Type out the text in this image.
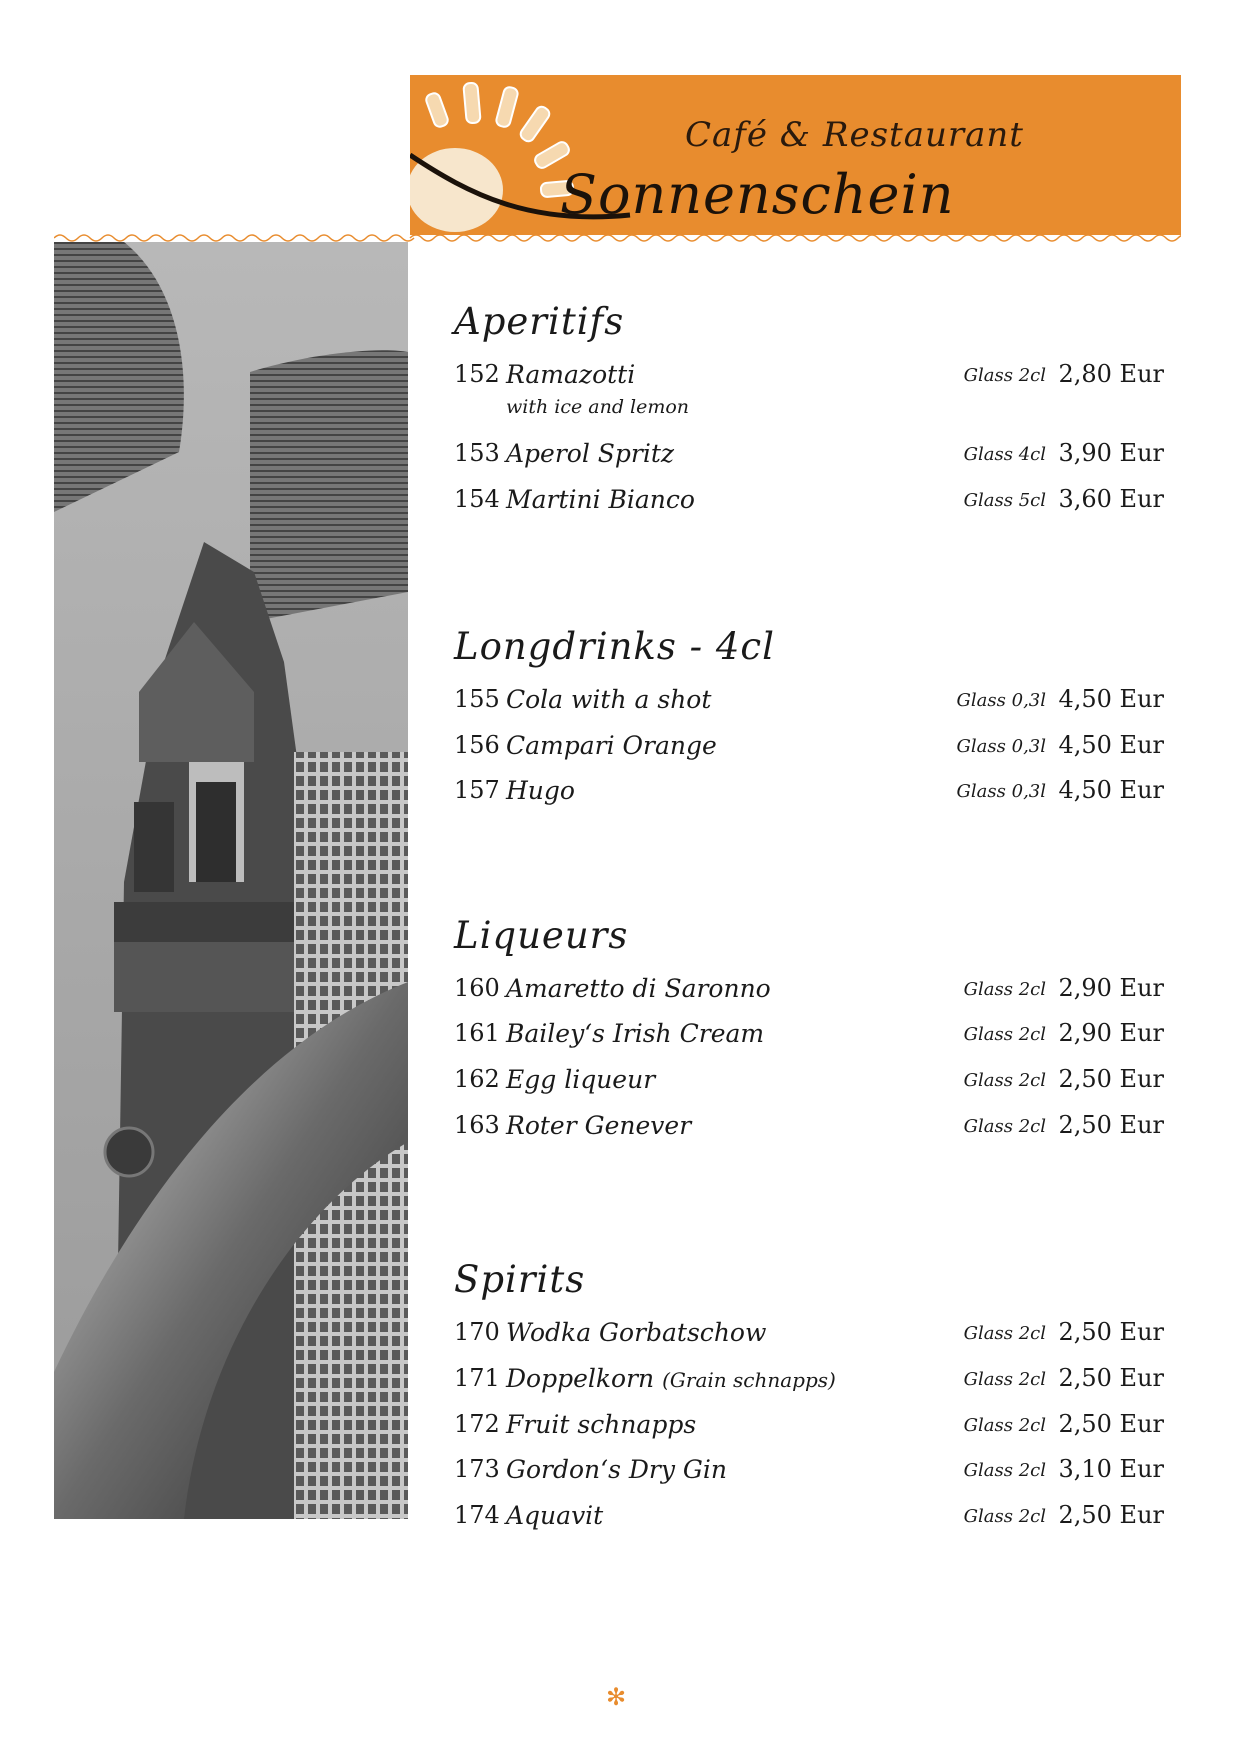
Café & Restaurant
Sonnenschein
Aperitifs
152 Ramazotti	Glass 2cl 2,80 Eur
with ice and lemon
153 Aperol Spritz	Glass 4cl 3,90 Eur
154 Martini Bianco	Glass 5cl 3,60 Eur
Longdrinks - 4cl
155 Cola with a shot	Glass 0,3l 4,50 Eur
156 Campari Orange	Glass 0,3l 4,50 Eur
157 Hugo	Glass 0,3l 4,50 Eur
Liqueurs
160 Amaretto di Saronno	Glass 2cl 2,90 Eur
161 Bailey‘s Irish Cream	Glass 2cl 2,90 Eur
162 Egg liqueur	Glass 2cl 2,50 Eur
163 Roter Genever	Glass 2cl 2,50 Eur
Spirits
170 Wodka Gorbatschow	Glass 2cl 2,50 Eur
171 Doppelkorn (Grain schnapps)	Glass 2cl 2,50 Eur
172 Fruit schnapps	Glass 2cl 2,50 Eur
173 Gordon‘s Dry Gin	Glass 2cl 3,10 Eur
174 Aquavit	Glass 2cl 2,50 Eur
✻
